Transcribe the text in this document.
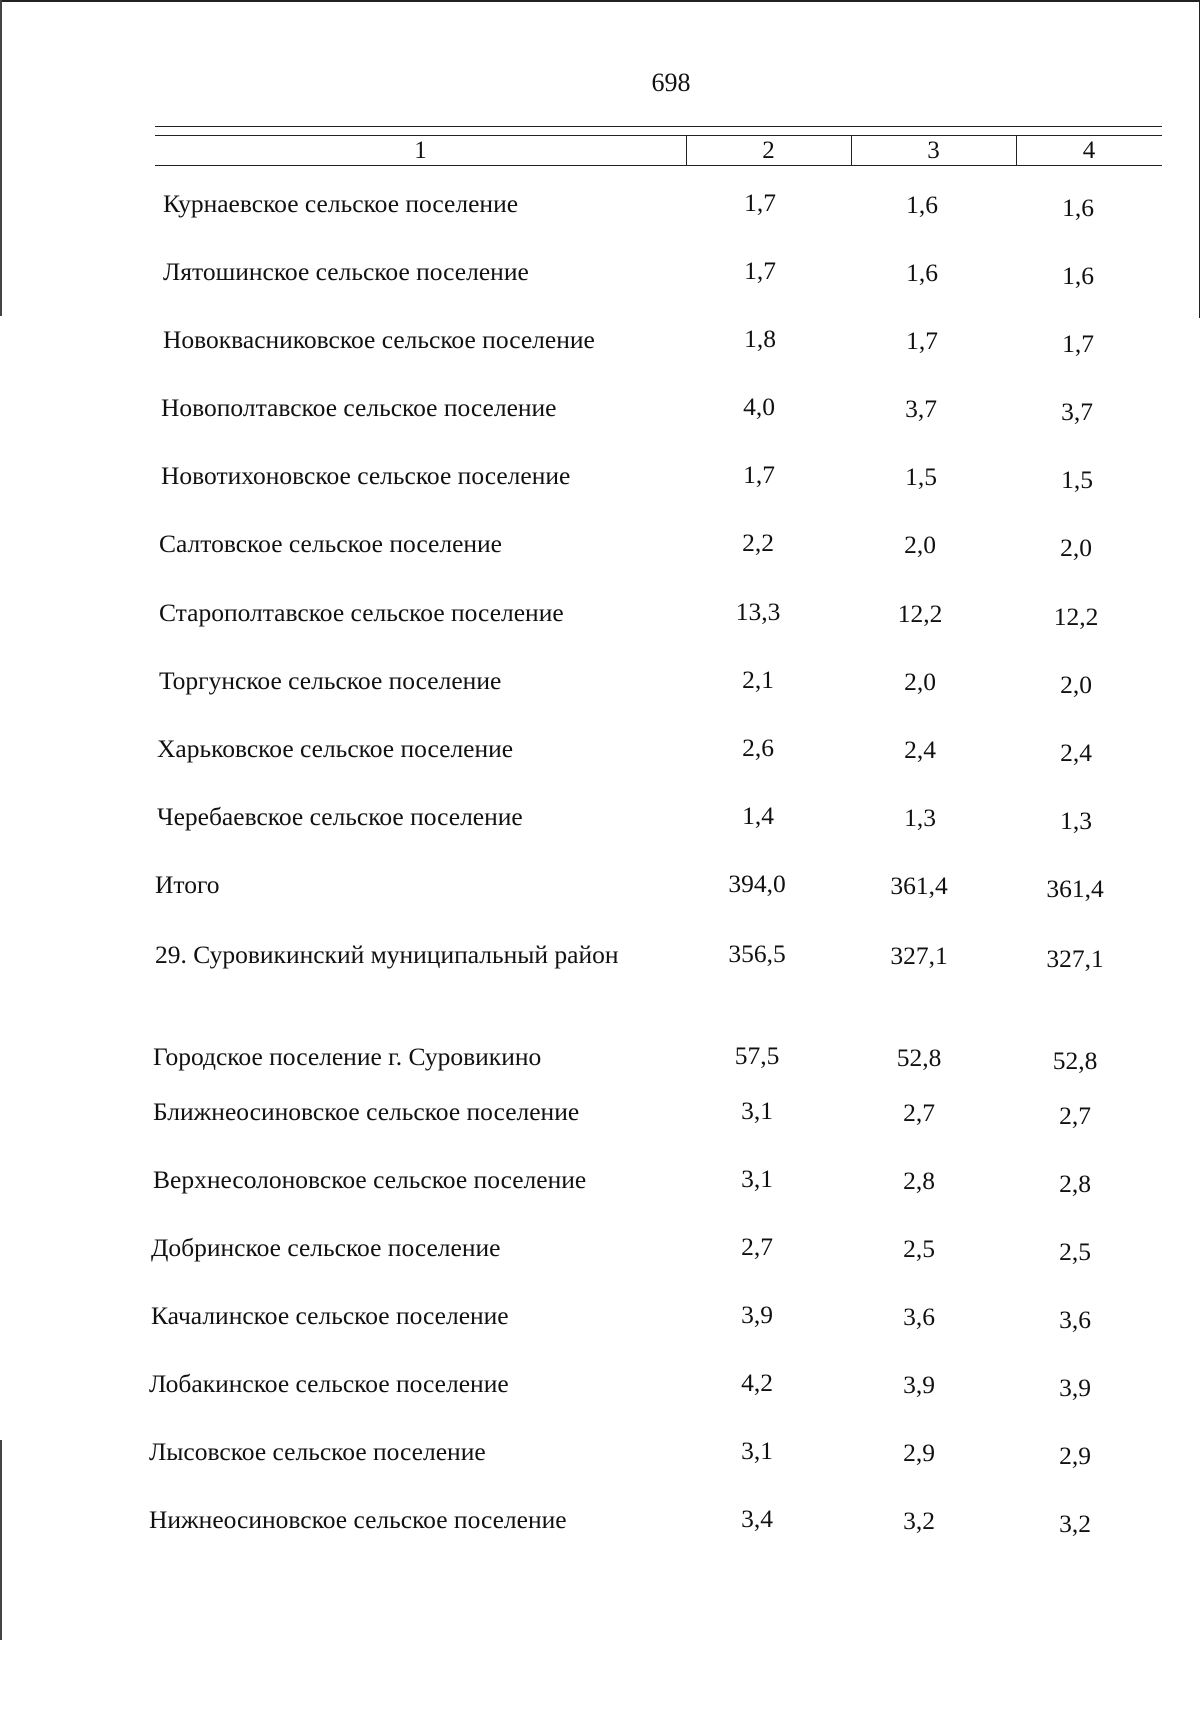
698
1	2	3	4
Курнаевское сельское поселение	1,7	1,6	1,6
Лятошинское сельское поселение	1,7	1,6	1,6
Новоквасниковское сельское поселение	1,8	1,7	1,7
Новополтавское сельское поселение	4,0	3,7	3,7
Новотихоновское сельское поселение	1,7	1,5	1,5
Салтовское сельское поселение	2,2	2,0	2,0
Старополтавское сельское поселение	13,3	12,2	12,2
Торгунское сельское поселение	2,1	2,0	2,0
Харьковское сельское поселение	2,6	2,4	2,4
Черебаевское сельское поселение	1,4	1,3	1,3
Итого	394,0	361,4	361,4
29. Суровикинский муниципальный район	356,5	327,1	327,1
Городское поселение г. Суровикино	57,5	52,8	52,8
Ближнеосиновское сельское поселение	3,1	2,7	2,7
Верхнесолоновское сельское поселение	3,1	2,8	2,8
Добринское сельское поселение	2,7	2,5	2,5
Качалинское сельское поселение	3,9	3,6	3,6
Лобакинское сельское поселение	4,2	3,9	3,9
Лысовское сельское поселение	3,1	2,9	2,9
Нижнеосиновское сельское поселение	3,4	3,2	3,2
